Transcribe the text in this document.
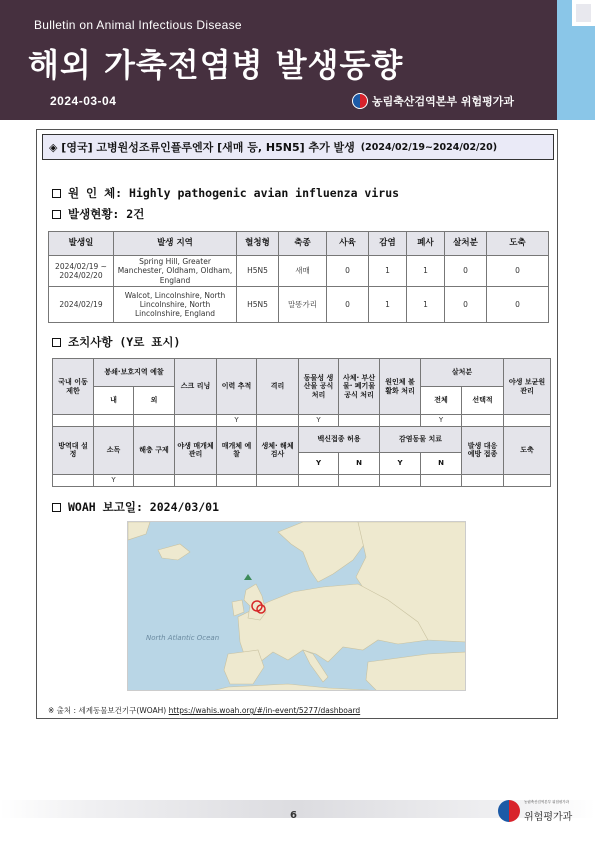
Bulletin on Animal Infectious Disease
해외 가축전염병 발생동향
2024-03-04	농림축산검역본부 위험평가과
◈ [영국] 고병원성조류인플루엔자 [새매 등, H5N5] 추가 발생 (2024/02/19~2024/02/20)
원 인 체: Highly pathogenic avian influenza virus
발생현황: 2건
발생일	발생 지역	혈청형	축종	사육	감염	폐사	살처분	도축
2024/02/19 ~ 2024/02/20	Spring Hill, Greater Manchester, Oldham, Oldham, England	H5N5	새매	0	1	1	0	0
2024/02/19	Walcot, Lincolnshire, North Lincolnshire, North Lincolnshire, England	H5N5	말똥가리	0	1	1	0	0
조치사항 (Y로 표시)
국내 이동 제한	봉쇄·보호지역 예찰		스크 리닝	이력 추적	격리	동물성 생산물 공식 처리	사체· 부산물· 폐기물 공식 처리	원인체 불활화 처리	살처분		야생 보균원 관리
	내	외							전체	선택적	
				Y		Y			Y		
방역대 설정	소독	해충 구제	야생 매개체 관리	매개체 예찰	생체· 해체 검사	백신접종 허용		감염동물 치료		발생 대응 예방 접종	도축
						Y	N	Y	N		
	Y										
WOAH 보고일: 2024/03/01
North Atlantic Ocean
※ 출처 : 세계동물보건기구(WOAH) https://wahis.woah.org/#/in-event/5277/dashboard
6
농림축산검역본부 위험평가과
위험평가과
